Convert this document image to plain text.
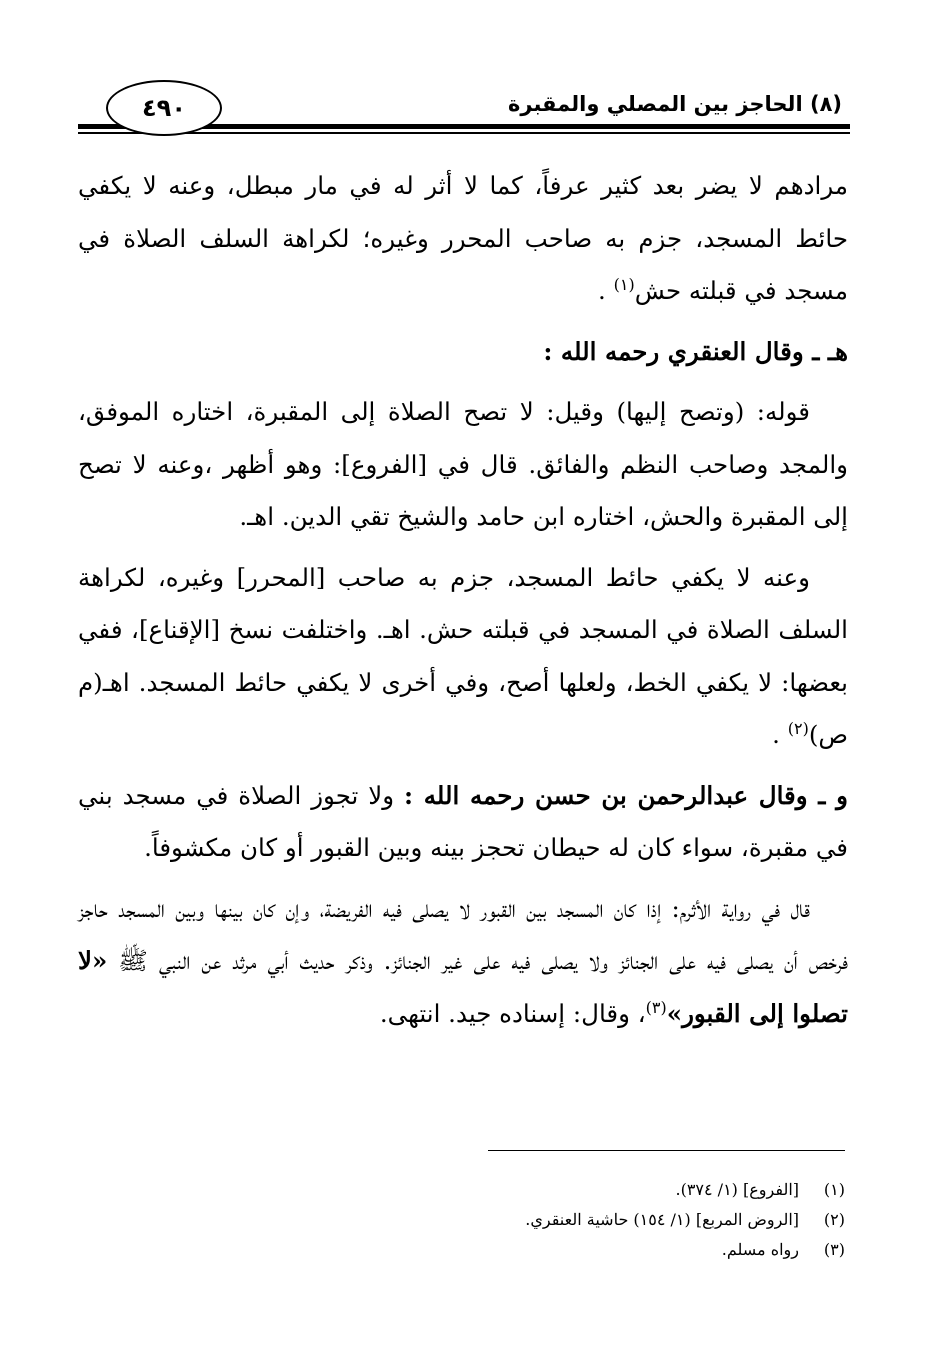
٤٩٠	(٨) الحاجز بين المصلي والمقبرة

مرادهم لا يضر بعد كثير عرفاً، كما لا أثر له في مار مبطل، وعنه لا يكفي حائط المسجد، جزم به صاحب المحرر وغيره؛ لكراهة السلف الصلاة في مسجد في قبلته حش$^{(١)}$ .

هـ ـ وقال العنقري رحمه الله :

قوله: (وتصح إليها) وقيل: لا تصح الصلاة إلى المقبرة، اختاره الموفق، والمجد وصاحب النظم والفائق. قال في [الفروع]: وهو أظهر ،وعنه لا تصح إلى المقبرة والحش، اختاره ابن حامد والشيخ تقي الدين. اهـ.

وعنه لا يكفي حائط المسجد، جزم به صاحب [المحرر] وغيره، لكراهة السلف الصلاة في المسجد في قبلته حش. اهـ. واختلفت نسخ [الإقناع]، ففي بعضها: لا يكفي الخط، ولعلها أصح، وفي أخرى لا يكفي حائط المسجد. اهـ(م ص)$^{(٢)}$ .

و ـ وقال عبدالرحمن بن حسن رحمه الله : ولا تجوز الصلاة في مسجد بني في مقبرة، سواء كان له حيطان تحجز بينه وبين القبور أو كان مكشوفاً.

قال في رواية الأثرم: إذا كان المسجد بين القبور لا يصلى فيه الفريضة، وإن كان بينها وبين المسجد حاجز فرخص أن يصلى فيه على الجنائز ولا يصلى فيه على غير الجنائز. وذكر حديث أبي مرثد عن النبي ﷺ «لا تصلوا إلى القبور»$^{(٣)}$، وقال: إسناده جيد. انتهى.

(١)[الفروع] (١/ ٣٧٤).
(٢)[الروض المربع] (١/ ١٥٤) حاشية العنقري.
(٣)رواه مسلم.
